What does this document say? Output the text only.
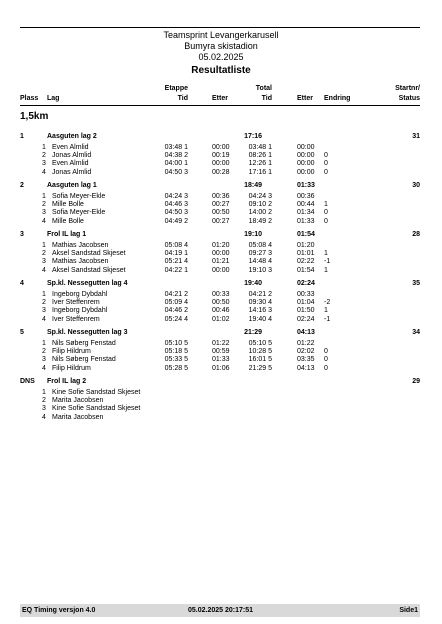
Teamsprint Levangerkarusell
Bumyra skistadion
05.02.2025
Resultatliste
Etappe	Total	Startnr/
Plass Lag	Tid	Etter	Tid	Etter Endring	Status
1,5km
1	Aasguten lag 2	17:16	31
1 Even Almlid	03:48 1	00:00	03:48 1	00:00
2 Jonas Almlid	04:38 2	00:19	08:26 1	00:00 0
3 Even Almlid	04:00 1	00:00	12:26 1	00:00 0
4 Jonas Almlid	04:50 3	00:28	17:16 1	00:00 0
2	Aasguten lag 1	18:49	01:33	30
1 Sofia Meyer-Ekle	04:24 3	00:36	04:24 3	00:36
2 Mille Bolle	04:46 3	00:27	09:10 2	00:44 1
3 Sofia Meyer-Ekle	04:50 3	00:50	14:00 2	01:34 0
4 Mille Bolle	04:49 2	00:27	18:49 2	01:33 0
3	Frol IL lag 1	19:10	01:54	28
1 Mathias Jacobsen	05:08 4	01:20	05:08 4	01:20
2 Aksel Sandstad Skjeset	04:19 1	00:00	09:27 3	01:01 1
3 Mathias Jacobsen	05:21 4	01:21	14:48 4	02:22 -1
4 Aksel Sandstad Skjeset	04:22 1	00:00	19:10 3	01:54 1
4	Sp.kl. Nessegutten lag 4	19:40	02:24	35
1 Ingeborg Dybdahl	04:21 2	00:33	04:21 2	00:33
2 Iver Steffenrem	05:09 4	00:50	09:30 4	01:04 -2
3 Ingeborg Dybdahl	04:46 2	00:46	14:16 3	01:50 1
4 Iver Steffenrem	05:24 4	01:02	19:40 4	02:24 -1
5	Sp.kl. Nessegutten lag 3	21:29	04:13	34
1 Nils Søberg Fenstad	05:10 5	01:22	05:10 5	01:22
2 Filip Hildrum	05:18 5	00:59	10:28 5	02:02 0
3 Nils Søberg Fenstad	05:33 5	01:33	16:01 5	03:35 0
4 Filip Hildrum	05:28 5	01:06	21:29 5	04:13 0
DNS Frol IL lag 2	29
1 Kine Sofie Sandstad Skjeset
2 Marita Jacobsen
3 Kine Sofie Sandstad Skjeset
4 Marita Jacobsen
EQ Timing versjon 4.0	05.02.2025 20:17:51	Side1
